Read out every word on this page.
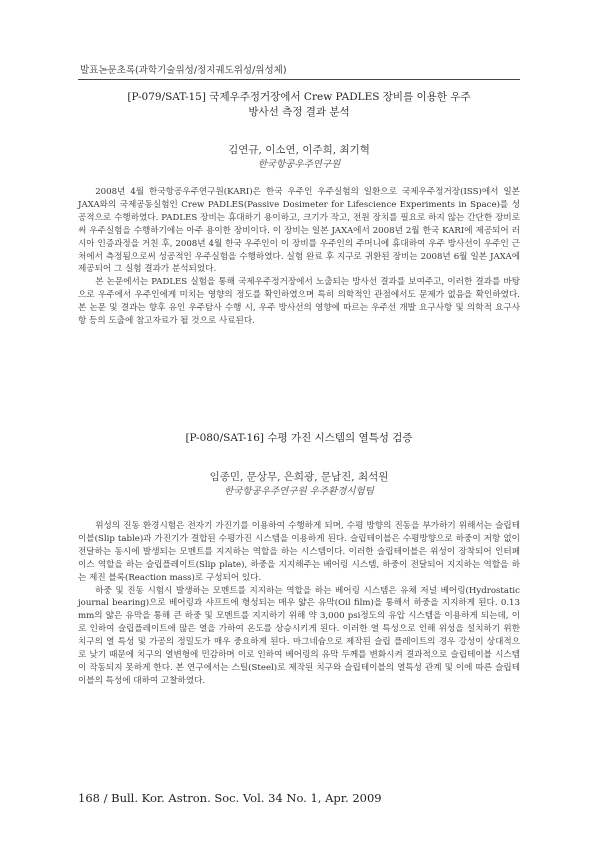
발표논문초록(과학기술위성/정지궤도위성/위성체)
[P-079/SAT-15] 국제우주정거장에서 Crew PADLES 장비를 이용한 우주
방사선 측정 결과 분석
김연규, 이소연, 이주희, 최기혁
한국항공우주연구원

2008년 4월 한국항공우주연구원(KARI)은 한국 우주인 우주실험의 일환으로 국제우주정거장(ISS)에서 일본 JAXA와의 국제공동실험인 Crew PADLES(Passive Dosimeter for Lifescience Experiments in Space)를 성공적으로 수행하였다. PADLES 장비는 휴대하기 용이하고, 크기가 작고, 전원 장치를 필요로 하지 않는 간단한 장비로써 우주실험을 수행하기에는 아주 용이한 장비이다. 이 장비는 일본 JAXA에서 2008년 2월 한국 KARI에 제공되어 러시아 인증과정을 거친 후, 2008년 4월 한국 우주인이 이 장비를 우주인의 주머니에 휴대하여 우주 방사선이 우주인 근처에서 측정됨으로써 성공적인 우주실험을 수행하였다. 실험 완료 후 지구로 귀환된 장비는 2008년 6월 일본 JAXA에 제공되어 그 실험 결과가 분석되었다.

본 논문에서는 PADLES 실험을 통해 국제우주정거장에서 노출되는 방사선 결과를 보여주고, 이러한 결과를 바탕으로 우주에서 우주인에게 미치는 영향의 정도를 확인하였으며 특히 의학적인 관점에서도 문제가 없음을 확인하였다. 본 논문 및 결과는 향후 유인 우주탐사 수행 시, 우주 방사선의 영향에 따르는 우주선 개발 요구사항 및 의학적 요구사항 등의 도출에 참고자료가 될 것으로 사료된다.

[P-080/SAT-16] 수평 가진 시스템의 열특성 검증
임종민, 문상무, 은희광, 문남진, 최석원
한국항공우주연구원 우주환경시험팀

위성의 진동 환경시험은 전자기 가진기를 이용하여 수행하게 되며, 수평 방향의 진동을 부가하기 위해서는 슬립테이블(Slip table)과 가진기가 결합된 수평가진 시스템을 이용하게 된다. 슬립테이블은 수평방향으로 하중이 저항 없이 전달하는 동시에 발생되는 모멘트를 지지하는 역할을 하는 시스템이다. 이러한 슬립테이블은 위성이 장착되어 인터페이스 역할을 하는 슬립플레이트(Slip plate), 하중을 지지해주는 베어링 시스템, 하중이 전달되어 지지하는 역할을 하는 제진 블록(Reaction mass)로 구성되어 있다.

하중 및 진동 시험시 발생하는 모멘트를 지지하는 역할을 하는 베어링 시스템은 유체 저널 베어링(Hydrostatic journal bearing)으로 베어링과 샤프트에 형성되는 매우 얇은 유막(Oil film)을 통해서 하중을 지지하게 된다. 0.13 mm의 얇은 유막을 통해 큰 하중 및 모멘트를 지지하기 위해 약 3,000 psi정도의 유압 시스템을 이용하게 되는데, 이로 인하여 슬립플레이트에 많은 열을 가하여 온도를 상승시키게 된다. 이러한 열 특성으로 인해 위성을 설치하기 위한 치구의 열 특성 및 가공의 정밀도가 매우 중요하게 된다. 마그네슘으로 제작된 슬립 플레이트의 경우 강성이 상대적으로 낮기 때문에 치구의 열변형에 민감하며 이로 인하여 베어링의 유막 두께를 변화시켜 결과적으로 슬립테이블 시스템이 작동되지 못하게 한다. 본 연구에서는 스틸(Steel)로 제작된 치구와 슬립테이블의 열특성 관계 및 이에 따른 슬립테이블의 특성에 대하여 고찰하였다.

168 / Bull. Kor. Astron. Soc. Vol. 34 No. 1, Apr. 2009
